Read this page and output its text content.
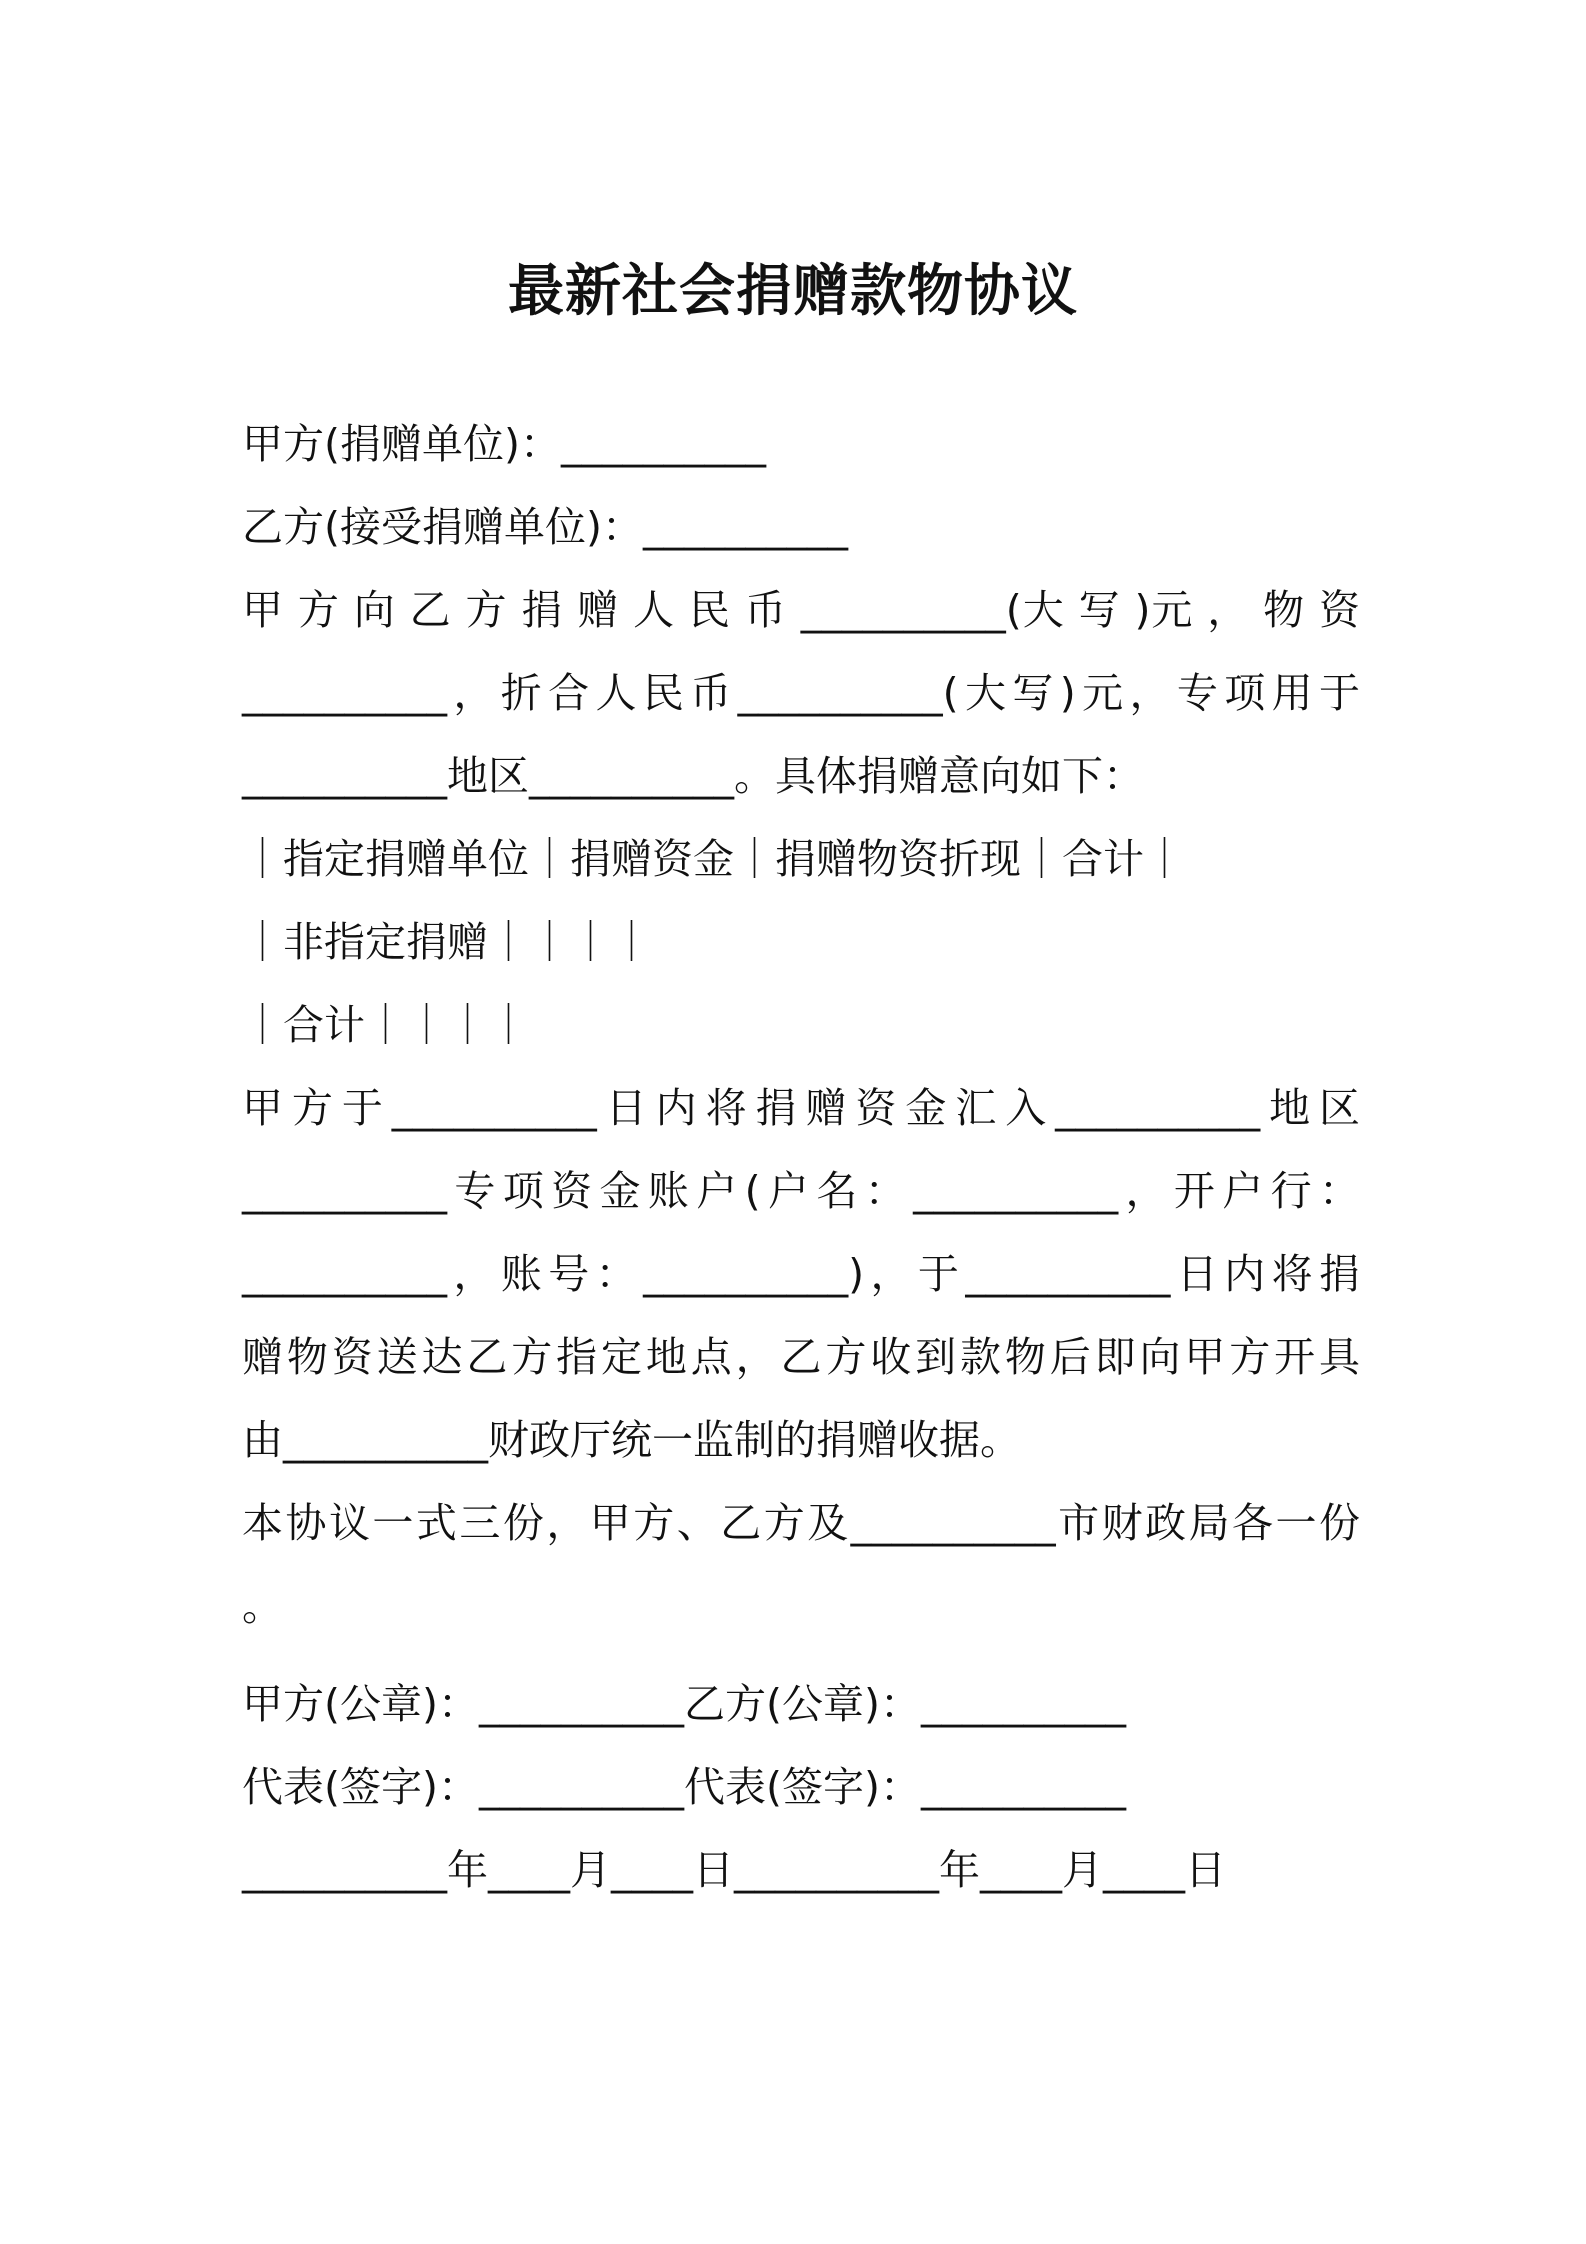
最新社会捐赠款物协议
甲方(捐赠单位)：__________
乙方(接受捐赠单位)：__________
甲 方 向 乙 方 捐 赠 人 民 币 __________(大 写 )元 ， 物 资
__________，折合人民币__________(大写)元，专项用于
__________地区__________。具体捐赠意向如下：
｜指定捐赠单位｜捐赠资金｜捐赠物资折现｜合计｜
｜非指定捐赠｜｜｜｜
｜合计｜｜｜｜
甲方于__________日内将捐赠资金汇入__________地区
__________专项资金账户(户名：__________，开户行：
__________，账号：__________)，于__________日内将捐
赠物资送达乙方指定地点，乙方收到款物后即向甲方开具
由__________财政厅统一监制的捐赠收据。
本协议一式三份，甲方、乙方及__________市财政局各一份
。
甲方(公章)：__________乙方(公章)：__________
代表(签字)：__________代表(签字)：__________
__________年____月____日__________年____月____日
